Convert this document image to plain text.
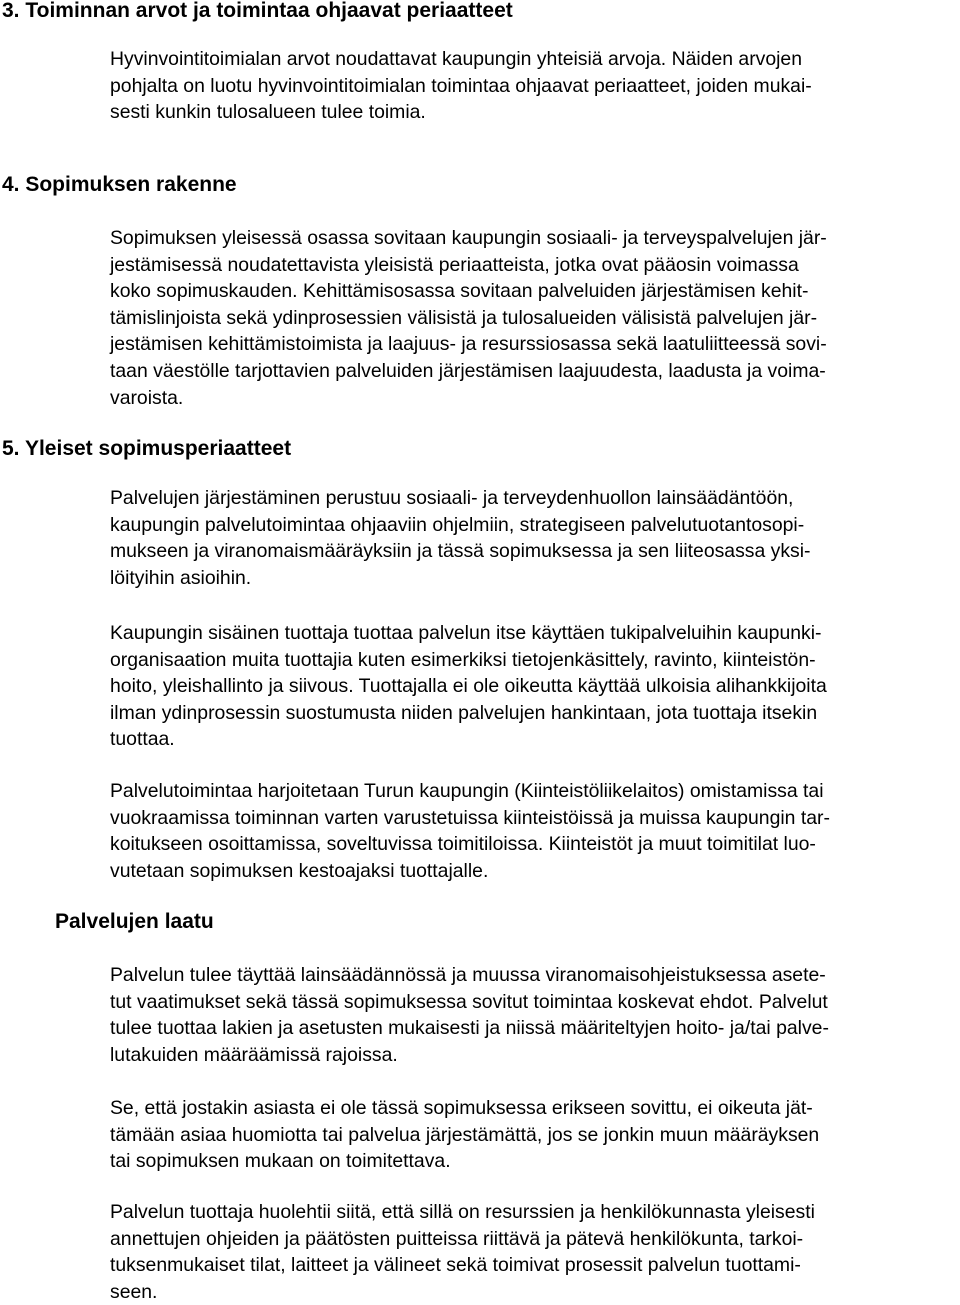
3. Toiminnan arvot ja toimintaa ohjaavat periaatteet

Hyvinvointitoimialan arvot noudattavat kaupungin yhteisiä arvoja. Näiden arvojen
pohjalta on luotu hyvinvointitoimialan toimintaa ohjaavat periaatteet, joiden mukai-
sesti kunkin tulosalueen tulee toimia.

4. Sopimuksen rakenne

Sopimuksen yleisessä osassa sovitaan kaupungin sosiaali- ja terveyspalvelujen jär-
jestämisessä noudatettavista yleisistä periaatteista, jotka ovat pääosin voimassa
koko sopimuskauden. Kehittämisosassa sovitaan palveluiden järjestämisen kehit-
tämislinjoista sekä ydinprosessien välisistä ja tulosalueiden välisistä palvelujen jär-
jestämisen kehittämistoimista ja laajuus- ja resurssiosassa sekä laatuliitteessä sovi-
taan väestölle tarjottavien palveluiden järjestämisen laajuudesta, laadusta ja voima-
varoista.

5. Yleiset sopimusperiaatteet

Palvelujen järjestäminen perustuu sosiaali- ja terveydenhuollon lainsäädäntöön,
kaupungin palvelutoimintaa ohjaaviin ohjelmiin, strategiseen palvelutuotantosopi-
mukseen ja viranomaismääräyksiin ja tässä sopimuksessa ja sen liiteosassa yksi-
löityihin asioihin.

Kaupungin sisäinen tuottaja tuottaa palvelun itse käyttäen tukipalveluihin kaupunki-
organisaation muita tuottajia kuten esimerkiksi tietojenkäsittely, ravinto, kiinteistön-
hoito, yleishallinto ja siivous. Tuottajalla ei ole oikeutta käyttää ulkoisia alihankkijoita
ilman ydinprosessin suostumusta niiden palvelujen hankintaan, jota tuottaja itsekin
tuottaa.

Palvelutoimintaa harjoitetaan Turun kaupungin (Kiinteistöliikelaitos) omistamissa tai
vuokraamissa toiminnan varten varustetuissa kiinteistöissä ja muissa kaupungin tar-
koitukseen osoittamissa, soveltuvissa toimitiloissa. Kiinteistöt ja muut toimitilat luo-
vutetaan sopimuksen kestoajaksi tuottajalle.

Palvelujen laatu

Palvelun tulee täyttää lainsäädännössä ja muussa viranomaisohjeistuksessa asete-
tut vaatimukset sekä tässä sopimuksessa sovitut toimintaa koskevat ehdot. Palvelut
tulee tuottaa lakien ja asetusten mukaisesti ja niissä määriteltyjen hoito- ja/tai palve-
lutakuiden määräämissä rajoissa.

Se, että jostakin asiasta ei ole tässä sopimuksessa erikseen sovittu, ei oikeuta jät-
tämään asiaa huomiotta tai palvelua järjestämättä, jos se jonkin muun määräyksen
tai sopimuksen mukaan on toimitettava.

Palvelun tuottaja huolehtii siitä, että sillä on resurssien ja henkilökunnasta yleisesti
annettujen ohjeiden ja päätösten puitteissa riittävä ja pätevä henkilökunta, tarkoi-
tuksenmukaiset tilat, laitteet ja välineet sekä toimivat prosessit palvelun tuottami-
seen.
